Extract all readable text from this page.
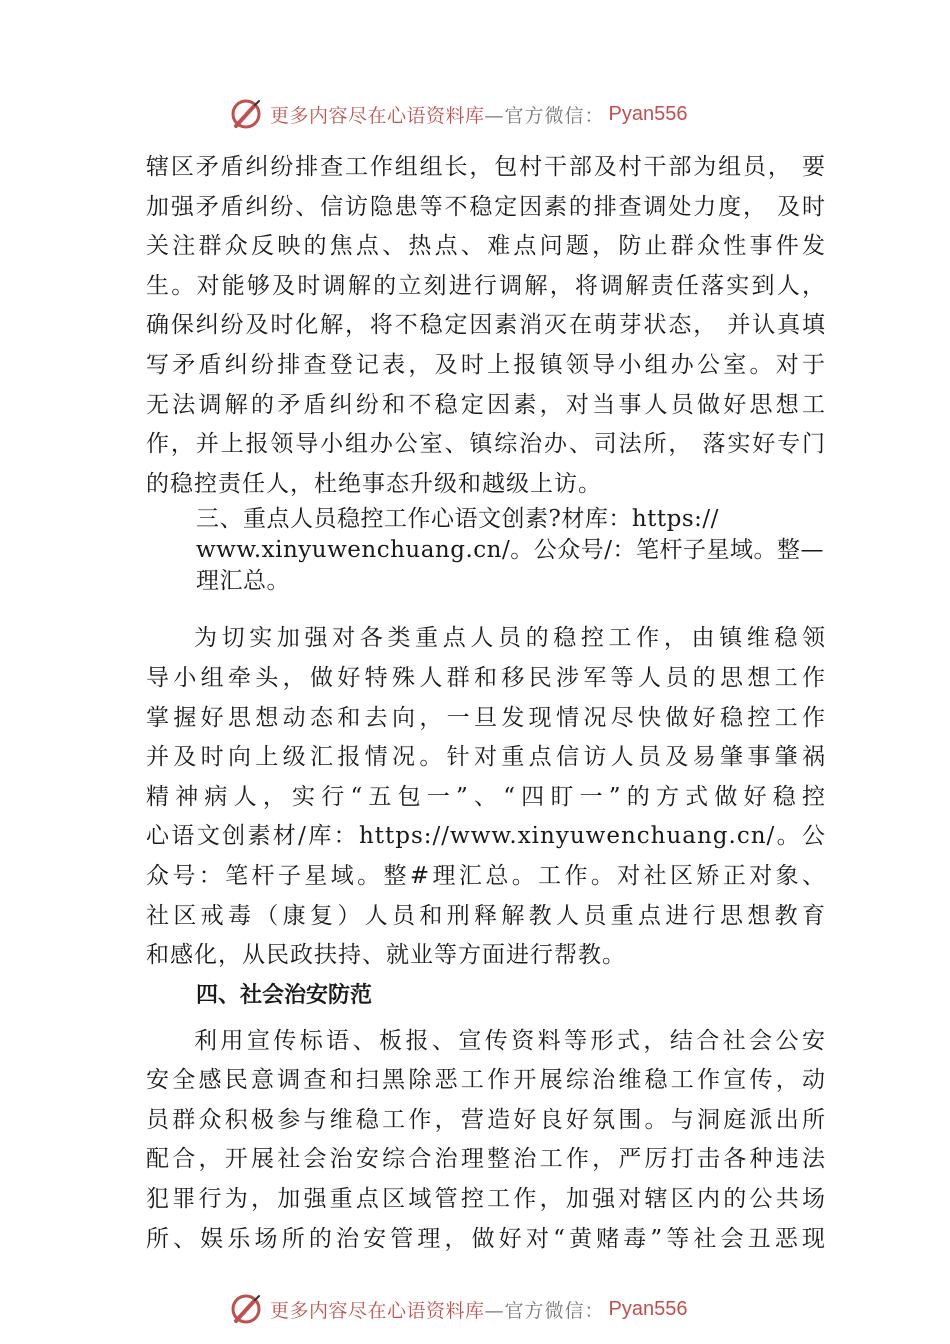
更多内容尽在心语资料库 —官方微信： Pyan556
辖区矛盾纠纷排查工作组组长，包村干部及村干部为组员， 要
加强矛盾纠纷、信访隐患等不稳定因素的排查调处力度， 及时
关注群众反映的焦点、热点、难点问题，防止群众性事件发
生。对能够及时调解的立刻进行调解，将调解责任落实到人，
确保纠纷及时化解，将不稳定因素消灭在萌芽状态， 并认真填
写矛盾纠纷排查登记表，及时上报镇领导小组办公室。对于
无法调解的矛盾纠纷和不稳定因素，对当事人员做好思想工
作，并上报领导小组办公室、镇综治办、司法所， 落实好专门
的稳控责任人，杜绝事态升级和越级上访。
三、重点人员稳控工作心语文创素?材库：https://
www.xinyuwenchuang.cn/。公众号/：笔杆子星域。整—
理汇总。
为切实加强对各类重点人员的稳控工作，由镇维稳领
导小组牵头，做好特殊人群和移民涉军等人员的思想工作
掌握好思想动态和去向，一旦发现情况尽快做好稳控工作
并及时向上级汇报情况。针对重点信访人员及易肇事肇祸
精神病人，实行“五包一”、“四盯一”的方式做好稳控
心语文创素材/库：https://www.xinyuwenchuang.cn/。公
众号：笔杆子星域。整#理汇总。工作。对社区矫正对象、
社区戒毒（康复）人员和刑释解教人员重点进行思想教育
和感化，从民政扶持、就业等方面进行帮教。
四、社会治安防范
利用宣传标语、板报、宣传资料等形式，结合社会公安
安全感民意调查和扫黑除恶工作开展综治维稳工作宣传，动
员群众积极参与维稳工作，营造好良好氛围。与洞庭派出所
配合，开展社会治安综合治理整治工作，严厉打击各种违法
犯罪行为，加强重点区域管控工作，加强对辖区内的公共场
所、娱乐场所的治安管理，做好对“黄赌毒”等社会丑恶现
更多内容尽在心语资料库 —官方微信： Pyan556
